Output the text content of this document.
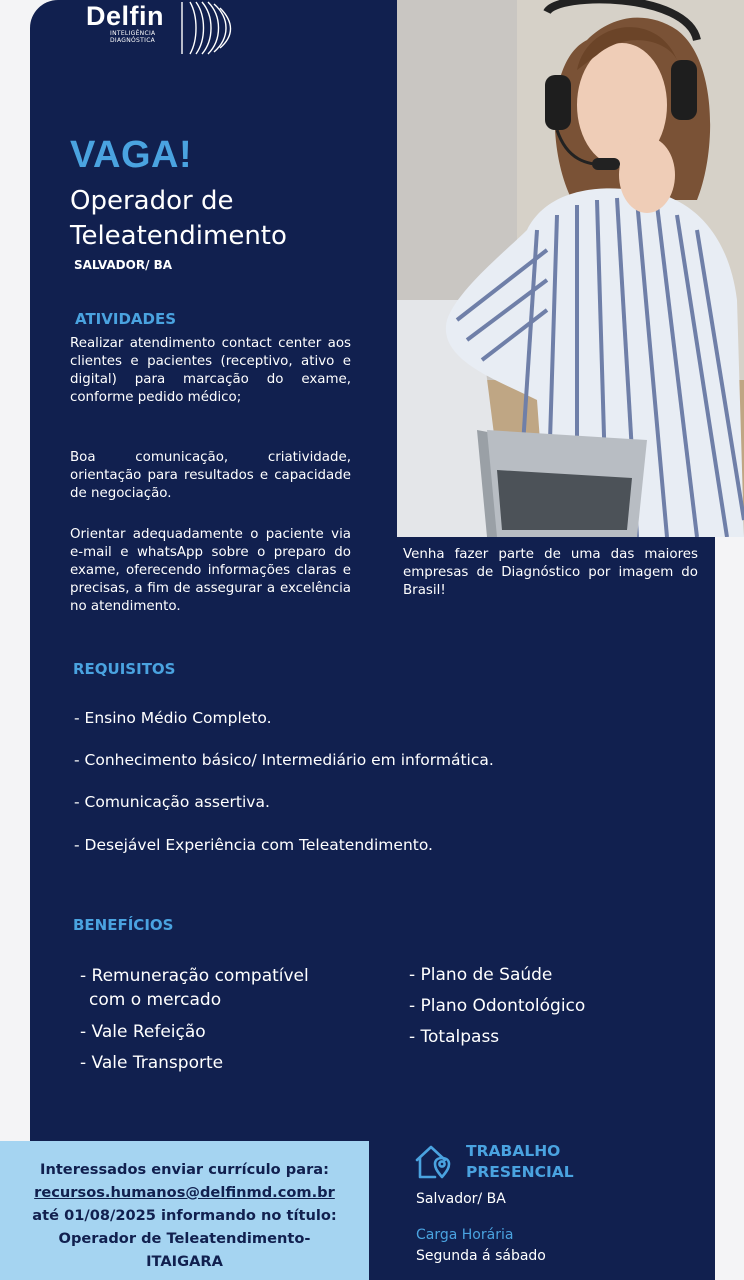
Delfin
INTELIGÊNCIA
DIAGNÓSTICA
VAGA!
Operador de
Teleatendimento
SALVADOR/ BA
ATIVIDADES
Realizar atendimento contact center aos clientes e pacientes (receptivo, ativo e digital) para marcação do exame, conforme pedido médico;
Boa comunicação, criatividade, orientação para resultados e capacidade de negociação.
Orientar adequadamente o paciente via e-mail e whatsApp sobre o preparo do exame, oferecendo informações claras e precisas, a fim de assegurar a excelência no atendimento.
Venha fazer parte de uma das maiores empresas de Diagnóstico por imagem do Brasil!
REQUISITOS
- Ensino Médio Completo.
- Conhecimento básico/ Intermediário em informática.
- Comunicação assertiva.
- Desejável Experiência com Teleatendimento.
BENEFÍCIOS
- Remuneração compatível
com o mercado
- Vale Refeição
- Vale Transporte
- Plano de Saúde
- Plano Odontológico
- Totalpass
Interessados enviar currículo para:
recursos.humanos@delfinmd.com.br
até 01/08/2025 informando no título:
Operador de Teleatendimento-
ITAIGARA
TRABALHO
PRESENCIAL
Salvador/ BA
Carga Horária
Segunda á sábado
